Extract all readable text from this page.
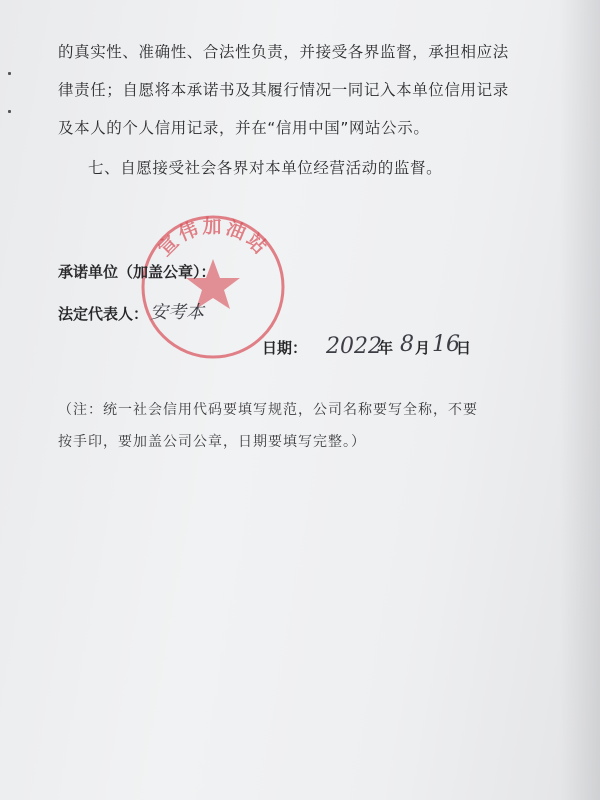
的真实性、准确性、合法性负责，并接受各界监督，承担相应法
律责任；自愿将本承诺书及其履行情况一同记入本单位信用记录
及本人的个人信用记录，并在“信用中国”网站公示。
七、自愿接受社会各界对本单位经营活动的监督。
宣伟加油站
承诺单位（加盖公章）：
法定代表人： 安考本
日期： 2022
年 8 月 16
日
（注：统一社会信用代码要填写规范，公司名称要写全称，不要
按手印，要加盖公司公章，日期要填写完整。）
